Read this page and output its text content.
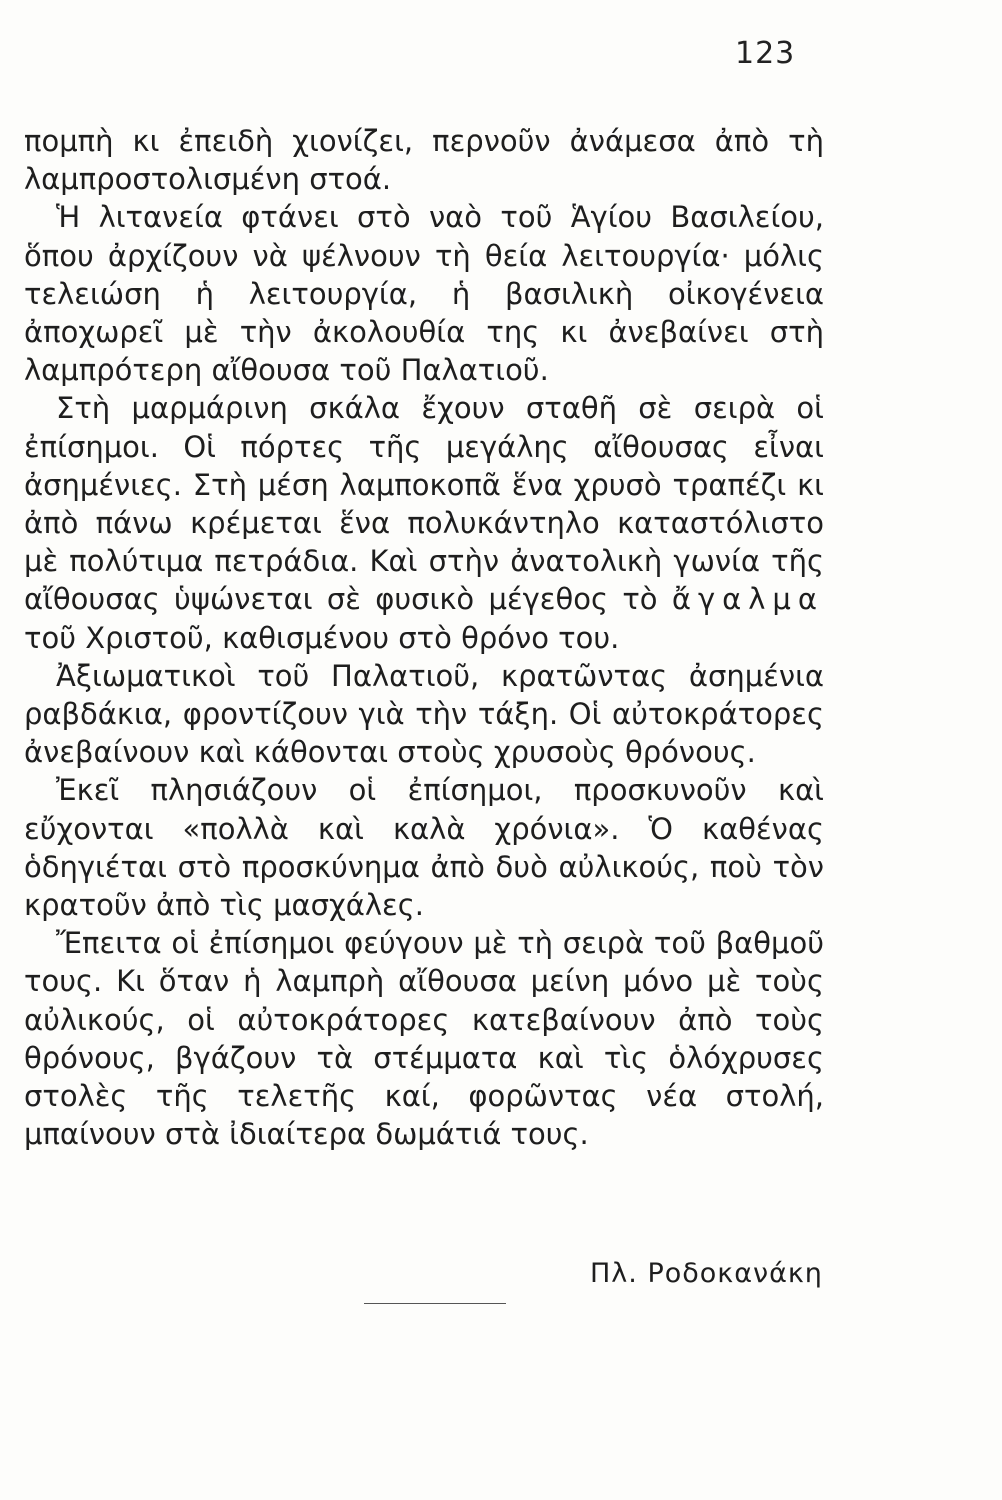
123

πομπὴ κι ἐπειδὴ χιονίζει, περνοῦν ἀνάμεσα ἀπὸ τὴ λαμπροστολισμένη στοά.

Ἡ λιτανεία φτάνει στὸ ναὸ τοῦ Ἁγίου Βασιλείου, ὅπου ἀρχίζουν νὰ ψέλνουν τὴ θεία λειτουργία· μόλις τελειώση ἡ λειτουργία, ἡ βασιλικὴ οἰκογένεια ἀποχωρεῖ μὲ τὴν ἀκολουθία της κι ἀνεβαίνει στὴ λαμπρότερη αἴθουσα τοῦ Παλατιοῦ.

Στὴ μαρμάρινη σκάλα ἔχουν σταθῆ σὲ σειρὰ οἱ ἐπίσημοι. Οἱ πόρτες τῆς μεγάλης αἴθουσας εἶναι ἀσημένιες. Στὴ μέση λαμποκοπᾶ ἕνα χρυσὸ τραπέζι κι ἀπὸ πάνω κρέμεται ἕνα πολυκάντηλο καταστόλιστο μὲ πολύτιμα πετράδια. Καὶ στὴν ἀνατολικὴ γωνία τῆς αἴθουσας ὑψώνεται σὲ φυσικὸ μέγεθος τὸ ἄγαλμα τοῦ Χριστοῦ, καθισμένου στὸ θρόνο του.

Ἀξιωματικοὶ τοῦ Παλατιοῦ, κρατῶντας ἀσημένια ραβδάκια, φροντίζουν γιὰ τὴν τάξη. Οἱ αὐτοκράτορες ἀνεβαίνουν καὶ κάθονται στοὺς χρυσοὺς θρόνους.

Ἐκεῖ πλησιάζουν οἱ ἐπίσημοι, προσκυνοῦν καὶ εὔχονται «πολλὰ καὶ καλὰ χρόνια». Ὁ καθένας ὁδηγιέται στὸ προσκύνημα ἀπὸ δυὸ αὐλικούς, ποὺ τὸν κρατοῦν ἀπὸ τὶς μασχάλες.

Ἔπειτα οἱ ἐπίσημοι φεύγουν μὲ τὴ σειρὰ τοῦ βαθμοῦ τους. Κι ὅταν ἡ λαμπρὴ αἴθουσα μείνη μόνο μὲ τοὺς αὐλικούς, οἱ αὐτοκράτορες κατεβαίνουν ἀπὸ τοὺς θρόνους, βγάζουν τὰ στέμματα καὶ τὶς ὁλόχρυσες στολὲς τῆς τελετῆς καί, φορῶντας νέα στολή, μπαίνουν στὰ ἰδιαίτερα δωμάτιά τους.

Πλ. Ροδοκανάκη
